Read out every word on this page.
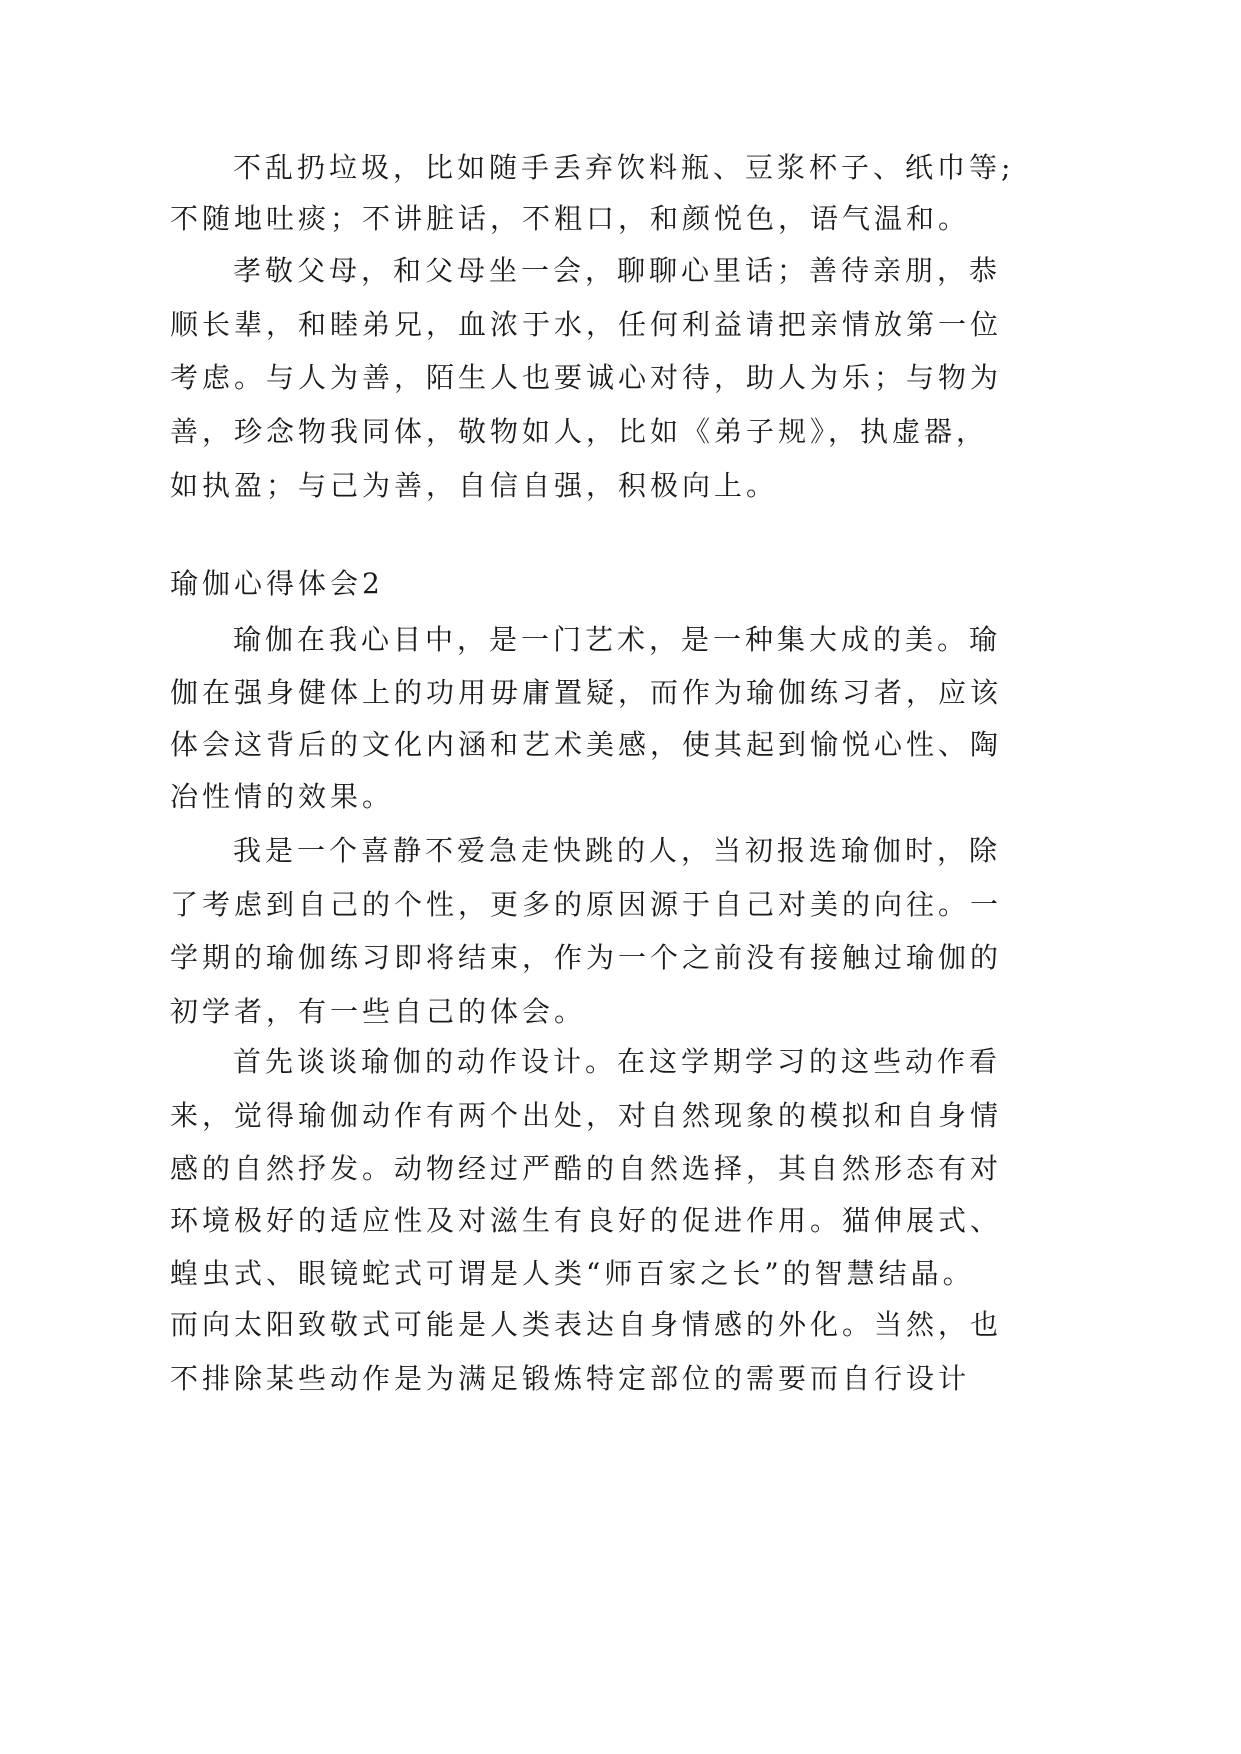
不乱扔垃圾，比如随手丢弃饮料瓶、豆浆杯子、纸巾等;
不随地吐痰；不讲脏话，不粗口，和颜悦色，语气温和。
孝敬父母，和父母坐一会，聊聊心里话；善待亲朋，恭
顺长辈，和睦弟兄，血浓于水，任何利益请把亲情放第一位
考虑。与人为善，陌生人也要诚心对待，助人为乐；与物为
善，珍念物我同体，敬物如人，比如《弟子规》，执虚器，
如执盈；与己为善，自信自强，积极向上。
瑜伽心得体会2
瑜伽在我心目中，是一门艺术，是一种集大成的美。瑜
伽在强身健体上的功用毋庸置疑，而作为瑜伽练习者，应该
体会这背后的文化内涵和艺术美感，使其起到愉悦心性、陶
冶性情的效果。
我是一个喜静不爱急走快跳的人，当初报选瑜伽时，除
了考虑到自己的个性，更多的原因源于自己对美的向往。一
学期的瑜伽练习即将结束，作为一个之前没有接触过瑜伽的
初学者，有一些自己的体会。
首先谈谈瑜伽的动作设计。在这学期学习的这些动作看
来，觉得瑜伽动作有两个出处，对自然现象的模拟和自身情
感的自然抒发。动物经过严酷的自然选择，其自然形态有对
环境极好的适应性及对滋生有良好的促进作用。猫伸展式、
蝗虫式、眼镜蛇式可谓是人类“师百家之长”的智慧结晶。
而向太阳致敬式可能是人类表达自身情感的外化。当然，也
不排除某些动作是为满足锻炼特定部位的需要而自行设计
